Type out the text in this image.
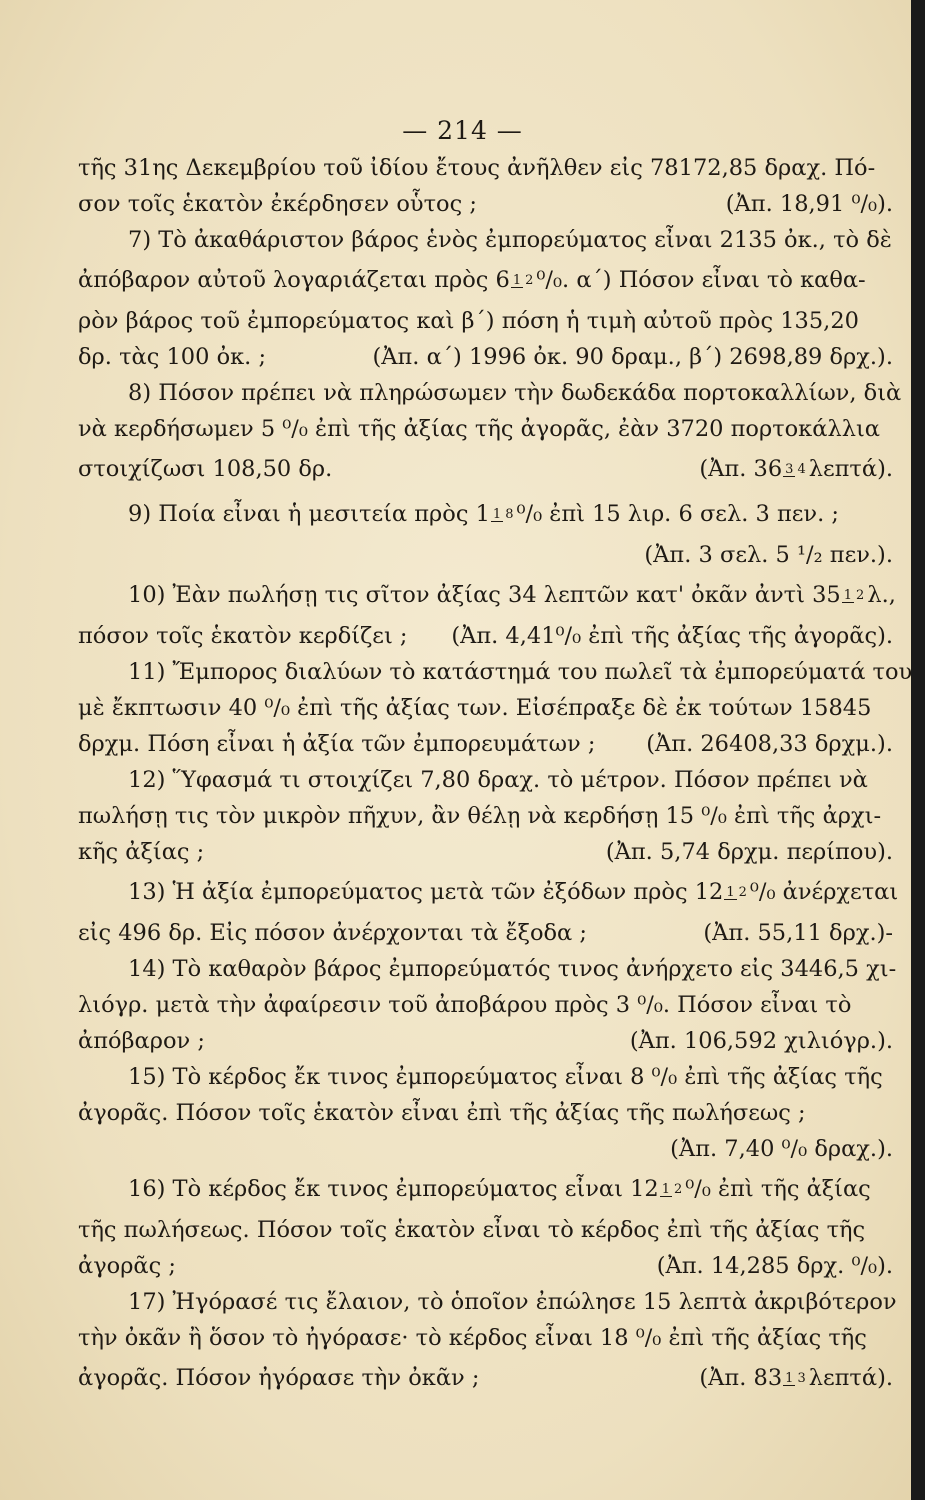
— 214 —
τῆς 31ης Δεκεμβρίου τοῦ ἰδίου ἔτους ἀνῆλθεν εἰς 78172,85 δραχ. Πό-
σον τοῖς ἑκατὸν ἐκέρδησεν οὗτος ;	(Ἀπ. 18,91 ⁰/₀).
7) Τὸ ἀκαθάριστον βάρος ἑνὸς ἐμπορεύματος εἶναι 2135 ὀκ., τὸ δὲ
ἀπόβαρον αὐτοῦ λογαριάζεται πρὸς 6 1 2⁰/₀. α΄) Πόσον εἶναι τὸ καθα-
ρὸν βάρος τοῦ ἐμπορεύματος καὶ β΄) πόση ἡ τιμὴ αὐτοῦ πρὸς 135,20
δρ. τὰς 100 ὀκ. ;	(Ἀπ. α΄) 1996 ὀκ. 90 δραμ., β΄) 2698,89 δρχ.).
8) Πόσον πρέπει νὰ πληρώσωμεν τὴν δωδεκάδα πορτοκαλλίων, διὰ
νὰ κερδήσωμεν 5 ⁰/₀ ἐπὶ τῆς ἀξίας τῆς ἀγορᾶς, ἐὰν 3720 πορτοκάλλια
στοιχίζωσι 108,50 δρ.	(Ἀπ. 36 3 4 λεπτά).
9) Ποία εἶναι ἡ μεσιτεία πρὸς 1 1 8 ⁰/₀ ἐπὶ 15 λιρ. 6 σελ. 3 πεν. ;
(Ἀπ. 3 σελ. 5 ¹/₂ πεν.).
10) Ἐὰν πωλήσῃ τις σῖτον ἀξίας 34 λεπτῶν κατ' ὀκᾶν ἀντὶ 35 1 2λ.,
πόσον τοῖς ἑκατὸν κερδίζει ; (Ἀπ. 4,41⁰/₀ ἐπὶ τῆς ἀξίας τῆς ἀγορᾶς).
11) Ἔμπορος διαλύων τὸ κατάστημά του πωλεῖ τὰ ἐμπορεύματά του
μὲ ἔκπτωσιν 40 ⁰/₀ ἐπὶ τῆς ἀξίας των. Εἰσέπραξε δὲ ἐκ τούτων 15845
δρχμ. Πόση εἶναι ἡ ἀξία τῶν ἐμπορευμάτων ; (Ἀπ. 26408,33 δρχμ.).
12) Ὕφασμά τι στοιχίζει 7,80 δραχ. τὸ μέτρον. Πόσον πρέπει νὰ
πωλήσῃ τις τὸν μικρὸν πῆχυν, ἂν θέλῃ νὰ κερδήσῃ 15 ⁰/₀ ἐπὶ τῆς ἀρχι-
κῆς ἀξίας ;	(Ἀπ. 5,74 δρχμ. περίπου).
13) Ἡ ἀξία ἐμπορεύματος μετὰ τῶν ἐξόδων πρὸς 12 1 2 ⁰/₀ ἀνέρχεται
εἰς 496 δρ. Εἰς πόσον ἀνέρχονται τὰ ἔξοδα ;	(Ἀπ. 55,11 δρχ.)-
14) Τὸ καθαρὸν βάρος ἐμπορεύματός τινος ἀνήρχετο εἰς 3446,5 χι-
λιόγρ. μετὰ τὴν ἀφαίρεσιν τοῦ ἀποβάρου πρὸς 3 ⁰/₀. Πόσον εἶναι τὸ
ἀπόβαρον ;	(Ἀπ. 106,592 χιλιόγρ.).
15) Τὸ κέρδος ἔκ τινος ἐμπορεύματος εἶναι 8 ⁰/₀ ἐπὶ τῆς ἀξίας τῆς
ἀγορᾶς. Πόσον τοῖς ἑκατὸν εἶναι ἐπὶ τῆς ἀξίας τῆς πωλήσεως ;
(Ἀπ. 7,40 ⁰/₀ δραχ.).
16) Τὸ κέρδος ἔκ τινος ἐμπορεύματος εἶναι 12 1 2⁰/₀ ἐπὶ τῆς ἀξίας
τῆς πωλήσεως. Πόσον τοῖς ἑκατὸν εἶναι τὸ κέρδος ἐπὶ τῆς ἀξίας τῆς
ἀγορᾶς ;	(Ἀπ. 14,285 δρχ. ⁰/₀).
17) Ἠγόρασέ τις ἔλαιον, τὸ ὁποῖον ἐπώλησε 15 λεπτὰ ἀκριβότερον
τὴν ὀκᾶν ἢ ὅσον τὸ ἠγόρασε· τὸ κέρδος εἶναι 18 ⁰/₀ ἐπὶ τῆς ἀξίας τῆς
ἀγορᾶς. Πόσον ἠγόρασε τὴν ὀκᾶν ;	(Ἀπ. 83 1 3 λεπτά).
